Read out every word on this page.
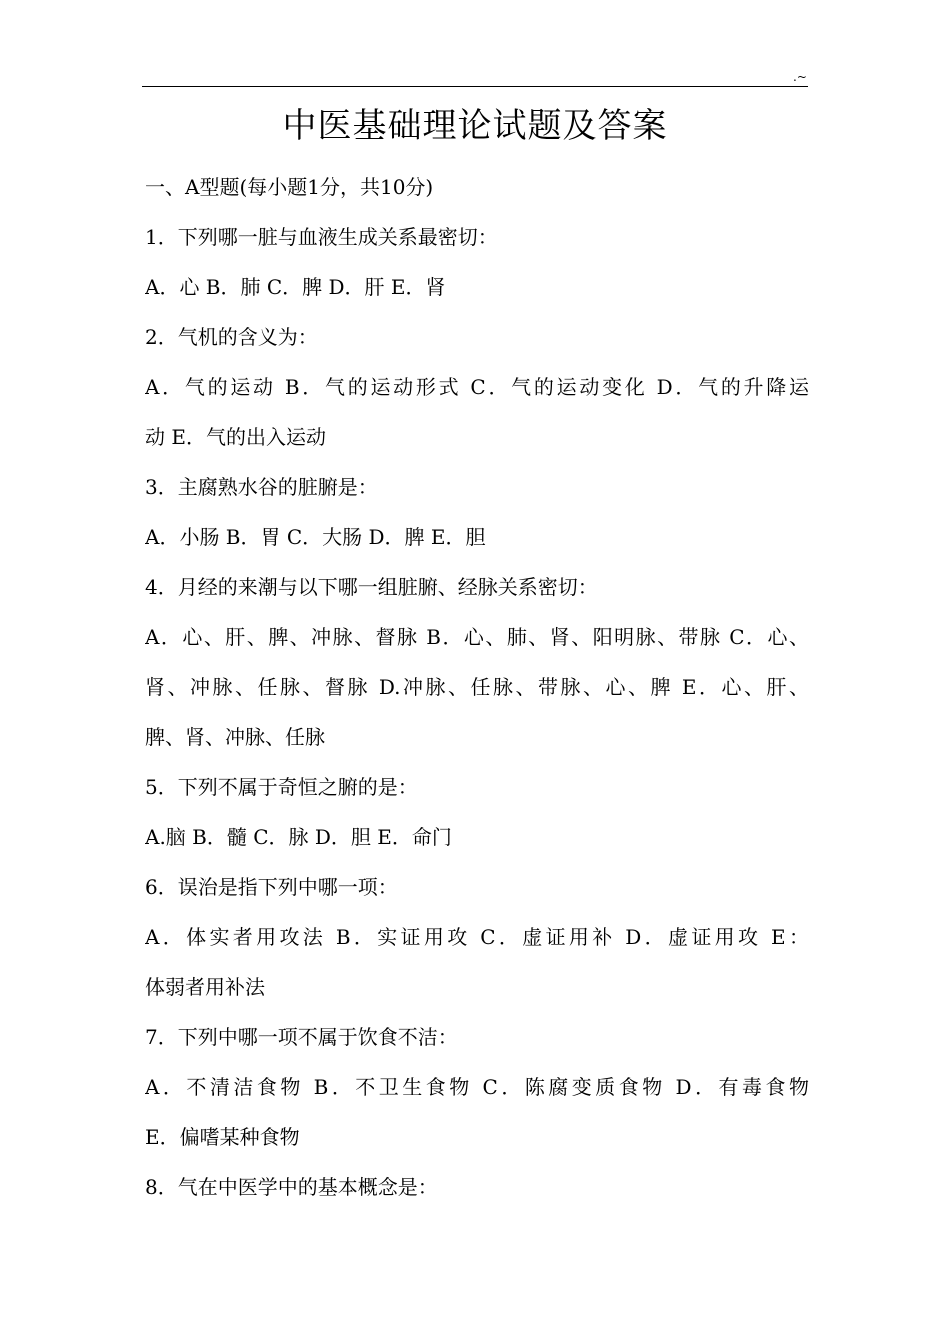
.~
中医基础理论试题及答案
一、A型题(每小题1分，共10分)
1．下列哪一脏与血液生成关系最密切：
A．心 B．肺 C．脾 D．肝 E．肾
2．气机的含义为：
A．气的运动 B．气的运动形式 C．气的运动变化 D．气的升降运
动 E．气的出入运动
3．主腐熟水谷的脏腑是：
A．小肠 B．胃 C．大肠 D．脾 E．胆
4．月经的来潮与以下哪一组脏腑、经脉关系密切：
A．心、肝、脾、冲脉、督脉 B．心、肺、肾、阳明脉、带脉 C．心、
肾、冲脉、任脉、督脉 D.冲脉、任脉、带脉、心、脾 E．心、肝、
脾、肾、冲脉、任脉
5．下列不属于奇恒之腑的是：
A.脑 B．髓 C．脉 D．胆 E．命门
6．误治是指下列中哪一项：
A．体实者用攻法 B．实证用攻 C．虚证用补 D．虚证用攻 E：
体弱者用补法
7．下列中哪一项不属于饮食不洁：
A．不清洁食物 B．不卫生食物 C．陈腐变质食物 D．有毒食物
E．偏嗜某种食物
8．气在中医学中的基本概念是：
